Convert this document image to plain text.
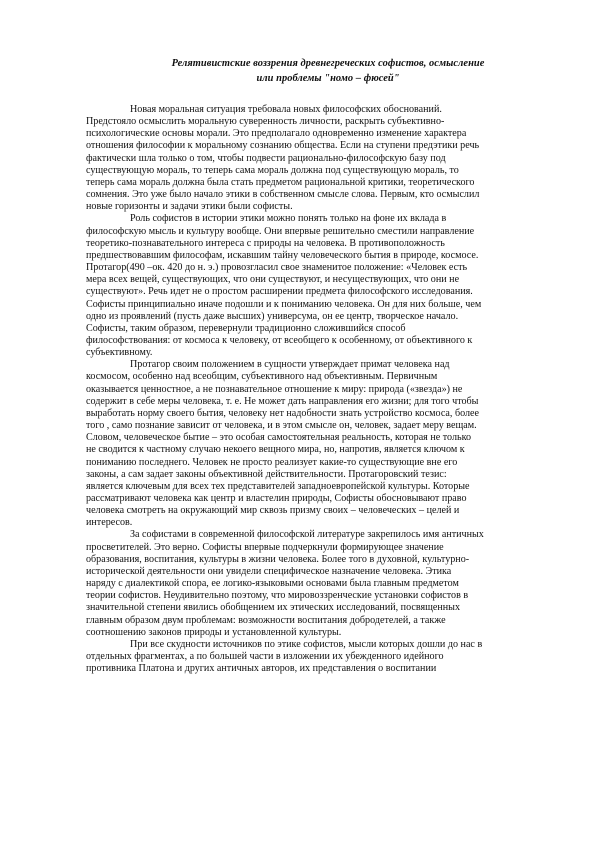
Релятивистские воззрения древнегреческих софистов, осмысление
или проблемы "номо – фюсей"

Новая моральная ситуация требовала новых философских обоснований.
Предстояло осмыслить моральную суверенность личности, раскрыть субъективно-
психологические основы морали. Это предполагало одновременно изменение характера
отношения философии к моральному сознанию общества. Если на ступени предэтики речь
фактически шла только о том, чтобы подвести рационально-философскую базу под
существующую мораль, то теперь сама мораль должна под существующую мораль, то
теперь сама мораль должна была стать предметом рациональной критики, теоретического
сомнения. Это уже было начало этики в собственном смысле слова. Первым, кто осмыслил
новые горизонты и задачи этики были софисты.

Роль софистов в истории этики можно понять только на фоне их вклада в
философскую мысль и культуру вообще. Они впервые решительно сместили направление
теоретико-познавательного интереса с природы на человека. В противоположность
предшествовавшим философам, искавшим тайну человеческого бытия в природе, космосе.
Протагор(490 –ок. 420 до н. э.) провозгласил свое знаменитое положение: «Человек есть
мера всех вещей, существующих, что они существуют, и несуществующих, что они не
существуют». Речь идет не о простом расширении предмета философского исследования.
Софисты принципиально иначе подошли и к пониманию человека. Он для них больше, чем
одно из проявлений (пусть даже высших) универсума, он ее центр, творческое начало.
Софисты, таким образом, перевернули традиционно сложившийся способ
философствования: от космоса к человеку, от всеобщего к особенному, от объективного к
субъективному.

Протагор своим положением в сущности утверждает примат человека над
космосом, особенно над всеобщим, субъективного над объективным. Первичным
оказывается ценностное, а не познавательное отношение к миру: природа («звезда») не
содержит в себе меры человека, т. е. Не может дать направления его жизни; для того чтобы
выработать норму своего бытия, человеку нет надобности знать устройство космоса, более
того , само познание зависит от человека, и в этом смысле он, человек, задает меру вещам.
Словом, человеческое бытие – это особая самостоятельная реальность, которая не только
не сводится к частному случаю некоего вещного мира, но, напротив, является ключом к
пониманию последнего. Человек не просто реализует какие-то существующие вне его
законы, а сам задает законы объективной действительности. Протагоровский тезис:
является ключевым для всех тех представителей западноевропейской культуры. Которые
рассматривают человека как центр и властелин природы, Софисты обосновывают право
человека смотреть на окружающий мир сквозь призму своих – человеческих – целей и
интересов.

За софистами в современной философской литературе закрепилось имя античных
просветителей. Это верно. Софисты впервые подчеркнули формирующее значение
образования, воспитания, культуры в жизни человека. Более того в духовной, культурно-
исторической деятельности они увидели специфическое назначение человека. Этика
наряду с диалектикой спора, ее логико-языковыми основами была главным предметом
теории софистов. Неудивительно поэтому, что мировоззренческие установки софистов в
значительной степени явились обобщением их этических исследований, посвященных
главным образом двум проблемам: возможности воспитания добродетелей, а также
соотношению законов природы и установленной культуры.

При все скудности источников по этике софистов, мысли которых дошли до нас в
отдельных фрагментах, а по большей части в изложении их убежденного идейного
противника Платона и других античных авторов, их представления о воспитании
